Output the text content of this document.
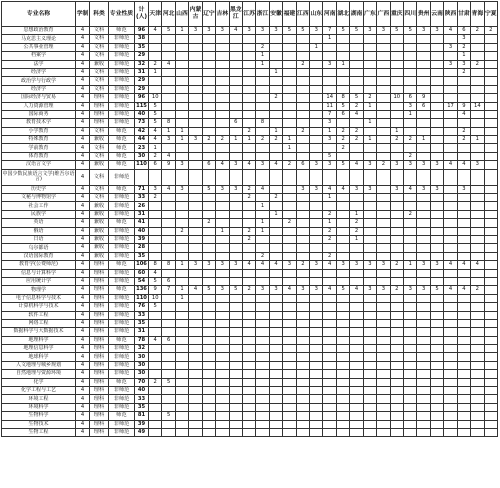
专业名称	学制	科类	专业性质	计(人)	天津	河北	山西	内蒙古	辽宁	吉林	黑龙江	江苏	浙江	安徽	福建	江西	山东	河南	湖北	湖南	广东	广西	重庆	四川	贵州	云南	陕西	甘肃	青海	宁夏
思想政治教育	4	文科	师范	96	4	5	1	3	3	3	4	3	3	3	5	5	3	7	5	5	3	3	5	5	3	3	4	6	2	2
马克思主义理论	4	文科	非师范	38														1										3		
公共事业管理	4	文科	非师范	35									2				1										3	2		
档案学	4	文科	非师范	29									1															1		
法学	4	兼收	非师范	32	2	4							1			2		3	1								3	3	2	
经济学	4	文科	非师范	31	1									1														2		
政治学与行政学	4	文科	非师范	29																										
经济学	4	文科	非师范	29																										
国际经济与贸易	4	理科	非师范	96	10									2				14	8	5	2		10	6	9					
人力资源管理	4	理科	非师范	115	5													11	5	2	1			3	6		17	9	14	
国际商务	4	理科	非师范	40	5													7	6	4				1				4		
教育技术学	4	理科	非师范	73	5	8					6		8					3			1									
小学教育	4	文科	师范	42	4	1	1					2		1		2		1	2	2			1					2		
特殊教育	4	兼收	师范	44	4	3	1	3	2	2	1	1	2	2	1			3	2	2	1		2	2	1			2	1	
学前教育	4	文科	师范	23	1										1				2											
体育教育	4	文科	师范	30	2	4												5						2						
汉语言文学	4	兼收	师范	110	6	9	3		6	4	3	4	3	4	2	6	3	3	5	4	3	2	3	3	3	3	4	4	3	
中国少数民族语言文学(维吾尔语言)	4	文科	非师范																											
历史学	4	文科	师范	71	3	4	3		5	3	3	2	4			3	3	4	4	3	3		3	4	3	3		3		
文秘与博物馆学	4	文科	非师范	33	2							2		2				1												
社会工作	4	兼收	非师范	26									1																	
民族学	4	兼收	非师范	31										1				2		1				2						
英语	4	兼收	师范	41					2				1		2			1		2										
俄语	4	兼收	非师范	40			2			1		2	1					2		2										
日语	4	兼收	非师范	39								2						2		1										
乌尔都语	4	兼收	非师范	28																										
汉语国际教育	4	兼收	非师范	35									2					2												
教育学(公费师范)	4	理科	师范	106	8	8	1	3	3	3	3	4	4	4	3	2	3	4	3	3	3	3	2	1	3	3	4	4	4	
信息与计算科学	4	理科	非师范	60	4																									
应用统计学	4	理科	非师范	54	5	6																								
物理学	4	理科	师范	136	9	7	1	4	5	3	5	2	3	3	4	3	3	4	5	4	3	3	2	3	3	5	4	4	2	
电子信息科学与技术	4	理科	非师范	110	10		1																							
计算机科学与技术	4	理科	非师范	76	5																									
软件工程	4	理科	非师范	33																										
网络工程	4	理科	非师范	35																										
数据科学与大数据技术	4	理科	非师范	31																										
地理科学	4	理科	师范	78	4	6																								
地理信息科学	4	理科	非师范	32																										
地球科学	4	理科	非师范	30																										
人文地理与城乡规划	4	理科	非师范	30																										
自然地理与资源环境	4	理科	非师范	30																										
化学	4	理科	师范	70	2	5																								
化学工程与工艺	4	理科	非师范	40																										
环境工程	4	理科	非师范	33																										
环境科学	4	理科	非师范	35																										
生物科学	4	理科	师范	81		5																								
生物技术	4	理科	非师范	39																										
生物工程	4	理科	非师范	49																										
